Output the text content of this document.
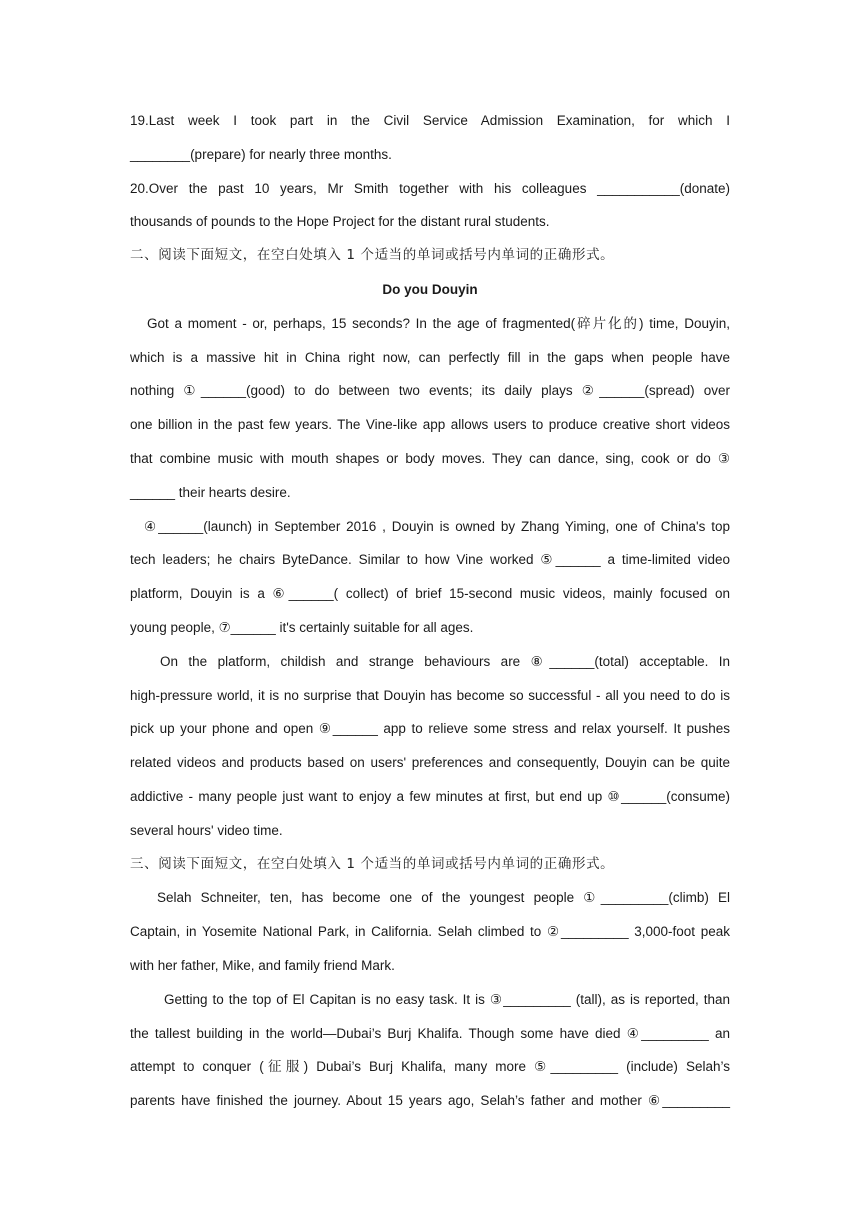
19.Last week I took part in the Civil Service Admission Examination, for which I
________(prepare) for nearly three months.
20.Over the past 10 years, Mr Smith together with his colleagues ___________(donate)
thousands of pounds to the Hope Project for the distant rural students.
二、阅读下面短文，在空白处填入 1 个适当的单词或括号内单词的正确形式。
Do you Douyin
Got a moment - or, perhaps, 15 seconds? In the age of fragmented(碎片化的) time, Douyin,
which is a massive hit in China right now, can perfectly fill in the gaps when people have
nothing ①______(good) to do between two events; its daily plays ②______(spread) over
one billion in the past few years. The Vine-like app allows users to produce creative short videos
that combine music with mouth shapes or body moves. They can dance, sing, cook or do ③
______ their hearts desire.
④______(launch) in September 2016 , Douyin is owned by Zhang Yiming, one of China's top
tech leaders; he chairs ByteDance. Similar to how Vine worked ⑤______ a time-limited video
platform, Douyin is a ⑥______( collect) of brief 15-second music videos, mainly focused on
young people, ⑦______ it's certainly suitable for all ages.
On the platform, childish and strange behaviours are ⑧______(total) acceptable. In
high-pressure world, it is no surprise that Douyin has become so successful - all you need to do is
pick up your phone and open ⑨______ app to relieve some stress and relax yourself. It pushes
related videos and products based on users' preferences and consequently, Douyin can be quite
addictive - many people just want to enjoy a few minutes at first, but end up ⑩______(consume)
several hours' video time.
三、阅读下面短文，在空白处填入 1 个适当的单词或括号内单词的正确形式。
Selah Schneiter, ten, has become one of the youngest people ①_________(climb) El
Captain, in Yosemite National Park, in California. Selah climbed to ②_________ 3,000-foot peak
with her father, Mike, and family friend Mark.
Getting to the top of El Capitan is no easy task. It is ③_________ (tall), as is reported, than
the tallest building in the world—Dubai’s Burj Khalifa. Though some have died ④_________ an
attempt to conquer (征服) Dubai’s Burj Khalifa, many more ⑤_________ (include) Selah’s
parents have finished the journey. About 15 years ago, Selah’s father and mother ⑥_________
